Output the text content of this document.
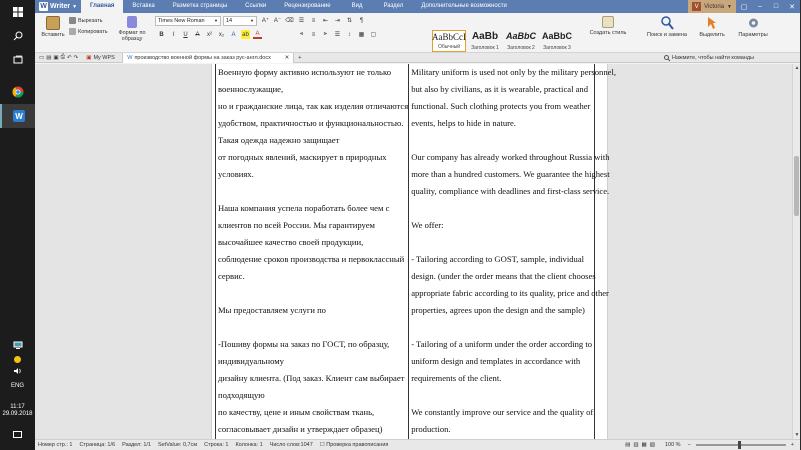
W
ENG
11:17
29.09.2018
W Writer ▼	Главная	Вставка	Разметка страницы	Ссылки	Рецензирование	Вид	Раздел	Дополнительные возможности	V Victoria ▼ ▢ – □ ✕
Вставить
Вырезать
Копировать	Формат по образцу
Times New Roman ▼ 14	▼ A⁺ A⁻ ⌫
B	I	U	A	x²	x₂	A	ab	A
☰	≡	⇤	⇥	⇅	¶
⫷	≡	⫸	☰	↕	▦ ▢	AaBbCcI
Обычный
AaBb
Заголовок 1
AaBbC
Заголовок 2
AaBbC
Заголовок 3
Создать стиль	Поиск и замена Выделить Параметры
▭ ▤ ▣ ⎙ ↶ ↷ ▣ My WPS W производство военной формы на заказ рус-англ.docx	✕ +	Нажмите, чтобы найти команды
Военную форму активно используют не только
военнослужащие,
но и гражданские лица, так как изделия отличаются
удобством, практичностью и функциональностью.
Такая одежда надежно защищает
от погодных явлений, маскирует в природных
условиях.
Наша компания успела поработать более чем с
клиентов по всей России. Мы гарантируем
высочайшее качество своей продукции,
соблюдение сроков производства и первоклассный
сервис.
Мы предоставляем услуги по
-Пошиву формы на заказ по ГОСТ, по образцу,
индивидуальному
дизайну клиента. (Под заказ. Клиент сам выбирает
подходящую
по качеству, цене и иным свойствам ткань,
согласовывает дизайн и утверждает образец)
Military uniform is used not only by the military personnel,
but also by civilians, as it is wearable, practical and
functional. Such clothing protects you from weather
events, helps to hide in nature.
Our company has already worked throughout Russia with
more than a hundred customers. We guarantee the highest
quality, compliance with deadlines and first-class service.
We offer:
- Tailoring according to GOST, sample, individual
design. (under the order means that the client chooses
appropriate fabric according to its quality, price and other
properties, agrees upon the design and the sample)
- Tailoring of a uniform under the order according to
uniform design and templates in accordance with
requirements of the client.
We constantly improve our service and the quality of
production.
▲
▼
Номер стр.: 1 Страница: 1/6 Раздел: 1/1 SetValue: 0,7см Строка: 1 Колонка: 1 Число слов:1047 ☐ Проверка правописания	▤▥▦▧ 100 % −	+
